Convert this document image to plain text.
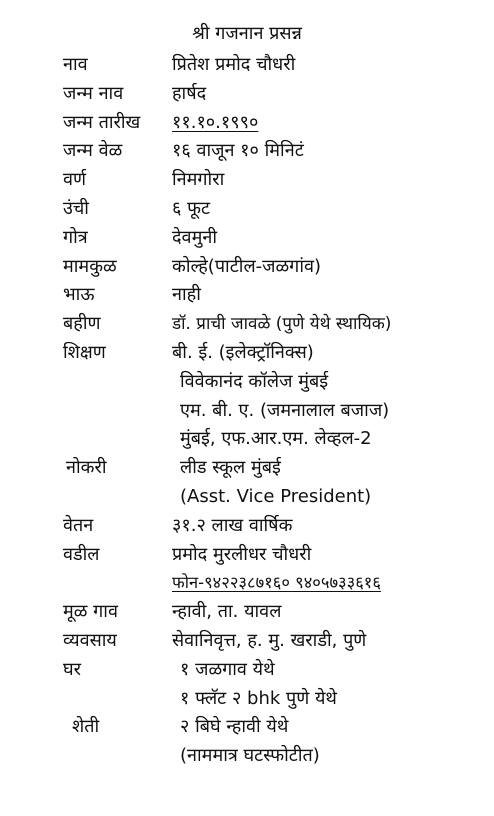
श्री गजनान प्रसन्न
नाव	प्रितेश प्रमोद चौधरी
जन्म नाव	हार्षद
जन्म तारीख ११.१०.१९९०
जन्म वेळ	१६ वाजून १० मिनिटं
वर्ण	निमगोरा
उंची	६ फूट
गोत्र	देवमुनी
मामकुळ	कोल्हे(पाटील-जळगांव)
भाऊ	नाही
बहीण	डॉ. प्राची जावळे (पुणे येथे स्थायिक)
शिक्षण	बी. ई. (इलेक्ट्रॉनिक्स)
विवेकानंद कॉलेज मुंबई
एम. बी. ए. (जमनालाल बजाज)
मुंबई, एफ.आर.एम. लेव्हल-2
नोकरी	लीड स्कूल मुंबई
(Asst. Vice President)
वेतन	३१.२ लाख वार्षिक
वडील	प्रमोद मुरलीधर चौधरी
फोन-९४२२३८७१६० ९४०५७३३६१६
मूळ गाव	न्हावी, ता. यावल
व्यवसाय	सेवानिवृत्त, ह. मु. खराडी, पुणे
घर	१ जळगाव येथे
१ फ्लॅट २ bhk पुणे येथे
शेती	२ बिघे न्हावी येथे
(नाममात्र घटस्फोटीत)
